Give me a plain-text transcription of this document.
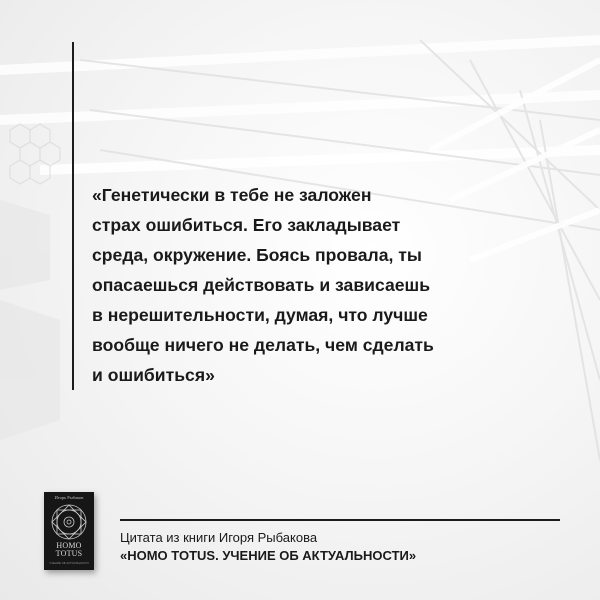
«Генетически в тебе не заложен
страх ошибиться. Его закладывает
среда, окружение. Боясь провала, ты
опасаешься действовать и зависаешь
в нерешительности, думая, что лучше
вообще ничего не делать, чем сделать
и ошибиться»
Игорь Рыбаков
HOMO
TOTUS
УЧЕНИЕ ОБ АКТУАЛЬНОСТИ
Цитата из книги Игоря Рыбакова
«HOMO TOTUS. УЧЕНИЕ ОБ АКТУАЛЬНОСТИ»
